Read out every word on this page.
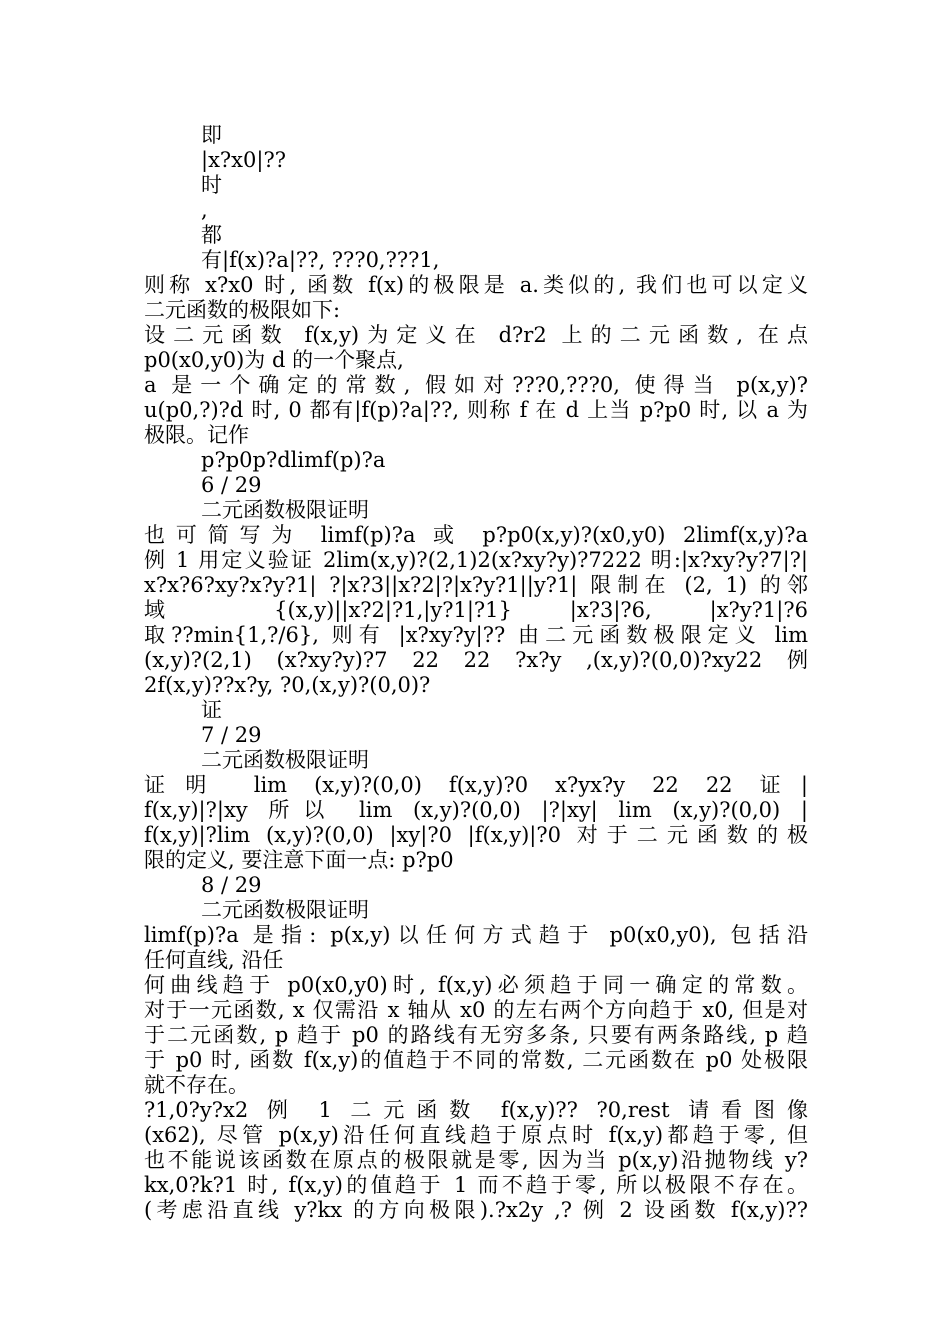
即
|x?x0|??
时
,
都
有|f(x)?a|??, ???0,???1,
则称 x?x0 时, 函数 f(x)的极限是 a.类似的, 我们也可以定义
二元函数的极限如下:
设二元函数 f(x,y)为定义在 d?r2 上的二元函数, 在点
p0(x0,y0)为 d 的一个聚点,
a 是一个确定的常数, 假如对???0,???0, 使得当 p(x,y)?
u(p0,?)?d 时, 0 都有|f(p)?a|??, 则称 f 在 d 上当 p?p0 时, 以 a 为
极限。记作
p?p0p?dlimf(p)?a
6 / 29
二元函数极限证明
也可简写为 limf(p)?a 或 p?p0(x,y)?(x0,y0) 2limf(x,y)?a
例 1 用定义验证 2lim(x,y)?(2,1)2(x?xy?y)?7222 明:|x?xy?y?7|?|
x?x?6?xy?x?y?1| ?|x?3||x?2|?|x?y?1||y?1| 限制在 (2, 1) 的邻
域 {(x,y)||x?2|?1,|y?1|?1} |x?3|?6, |x?y?1|?6
取??min{1,?/6}, 则有 |x?xy?y|?? 由二元函数极限定义 lim
(x,y)?(2,1) (x?xy?y)?7 22 22 ?x?y ,(x,y)?(0,0)?xy22 例
2f(x,y)??x?y, ?0,(x,y)?(0,0)?
证
7 / 29
二元函数极限证明
证明 lim (x,y)?(0,0) f(x,y)?0 x?yx?y 22 22 证|
f(x,y)|?|xy 所以 lim (x,y)?(0,0) |?|xy| lim (x,y)?(0,0) |
f(x,y)|?lim (x,y)?(0,0) |xy|?0 |f(x,y)|?0 对于二元函数的极
限的定义, 要注意下面一点: p?p0
8 / 29
二元函数极限证明
limf(p)?a 是指: p(x,y)以任何方式趋于 p0(x0,y0), 包括沿
任何直线, 沿任
何曲线趋于 p0(x0,y0)时, f(x,y)必须趋于同一确定的常数。
对于一元函数, x 仅需沿 x 轴从 x0 的左右两个方向趋于 x0, 但是对
于二元函数, p 趋于 p0 的路线有无穷多条, 只要有两条路线, p 趋
于 p0 时, 函数 f(x,y)的值趋于不同的常数, 二元函数在 p0 处极限
就不存在。
?1,0?y?x2 例 1 二元函数 f(x,y)?? ?0,rest 请看图像
(x62), 尽管 p(x,y)沿任何直线趋于原点时 f(x,y)都趋于零, 但
也不能说该函数在原点的极限就是零, 因为当 p(x,y)沿抛物线 y?
kx,0?k?1 时, f(x,y)的值趋于 1 而不趋于零, 所以极限不存在。
(考虑沿直线 y?kx 的方向极限).?x2y ,? 例 2 设函数 f(x,y)??
